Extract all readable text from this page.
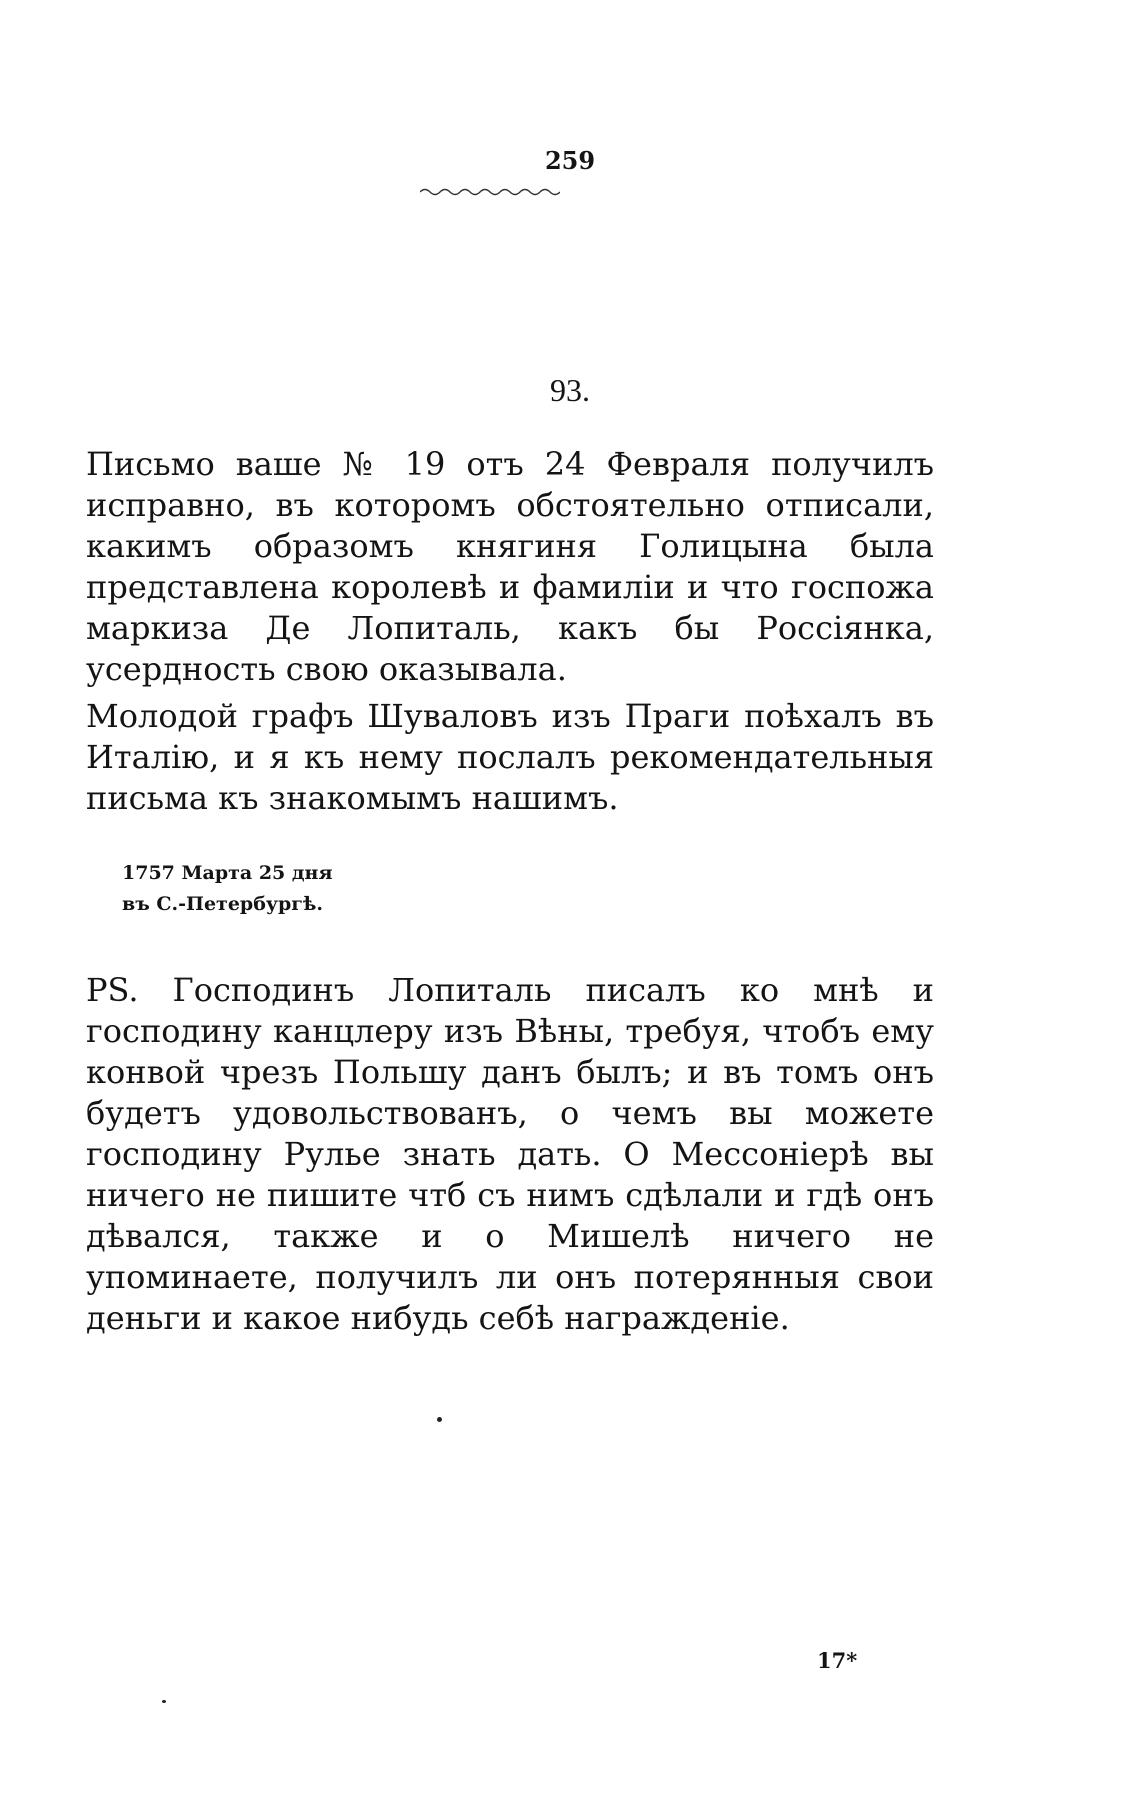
259
93.

Письмо ваше № 19 отъ 24 Февраля получилъ исправно, въ которомъ обстоятельно отписали, какимъ образомъ княгиня Голицына была представлена королевѣ и фамиліи и что госпожа маркиза Де Лопиталь, какъ бы Россіянка, усердность свою оказывала.

Молодой графъ Шуваловъ изъ Праги поѣхалъ въ Италію, и я къ нему послалъ рекомендательныя письма къ знакомымъ нашимъ.

1757 Марта 25 дня
въ С.-Петербургѣ.

PS. Господинъ Лопиталь писалъ ко мнѣ и господину канцлеру изъ Вѣны, требуя, чтобъ ему конвой чрезъ Польшу данъ былъ; и въ томъ онъ будетъ удовольствованъ, о чемъ вы можете господину Рулье знать дать. О Мессоніерѣ вы ничего не пишите чтб съ нимъ сдѣлали и гдѣ онъ дѣвался, также и о Мишелѣ ничего не упоминаете, получилъ ли онъ потерянныя свои деньги и какое нибудь себѣ награжденіе.

17*
